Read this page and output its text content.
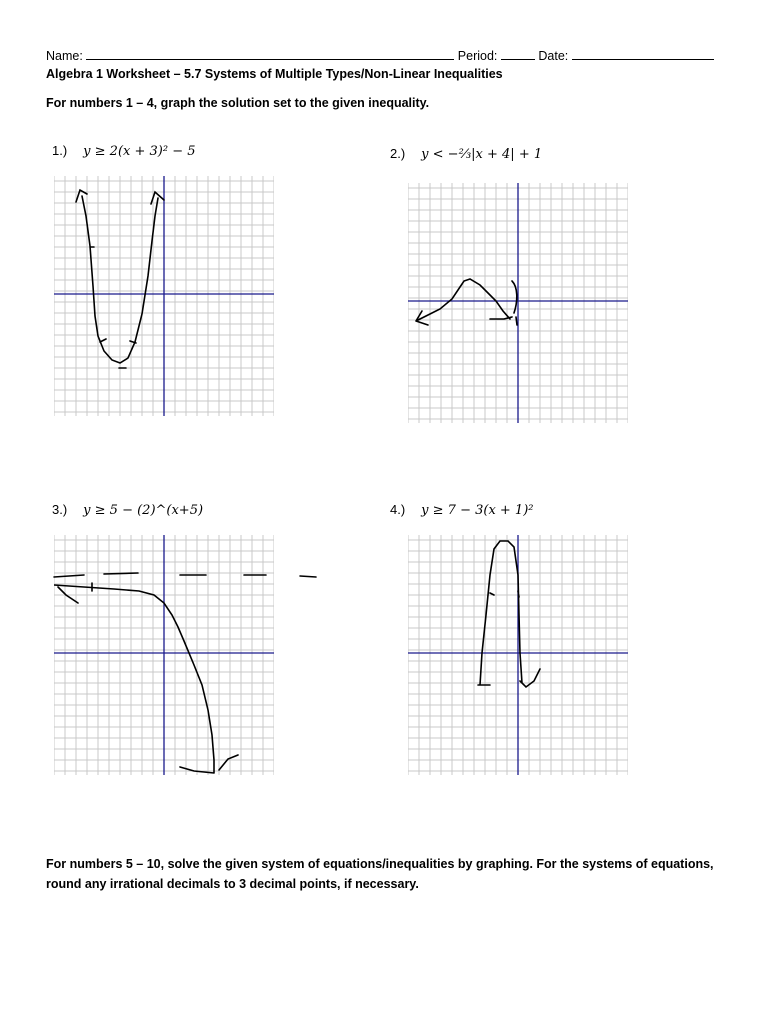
Name:	Period:	Date:
Algebra 1 Worksheet – 5.7 Systems of Multiple Types/Non-Linear Inequalities
For numbers 1 – 4, graph the solution set to the given inequality.
1.) y ≥ 2(x + 3)² − 5	2.) y < −⅔|x + 4| + 1
3.) y ≥ 5 − (2)^(x+5)	4.) y ≥ 7 − 3(x + 1)²
For numbers 5 – 10, solve the given system of equations/inequalities by graphing. For the systems of equations,
round any irrational decimals to 3 decimal points, if necessary.
